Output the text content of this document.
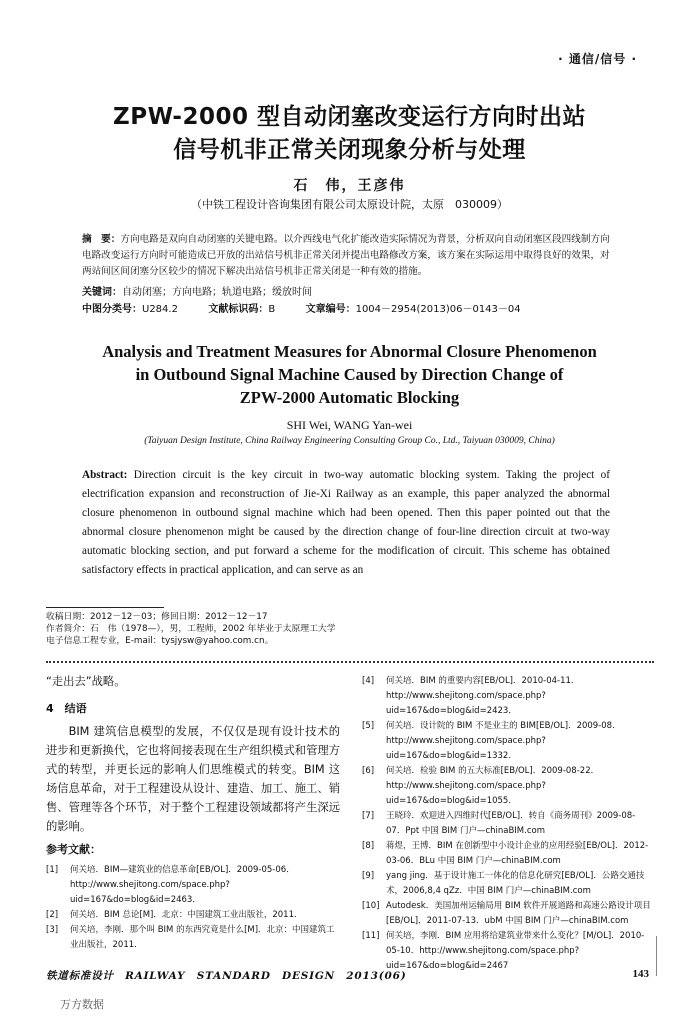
· 通信/信号 ·
ZPW-2000 型自动闭塞改变运行方向时出站
信号机非正常关闭现象分析与处理
石　伟，王彦伟
（中铁工程设计咨询集团有限公司太原设计院，太原　030009）
摘　要：方向电路是双向自动闭塞的关键电路。以介西线电气化扩能改造实际情况为背景，分析双向自动闭塞区段四线制方向电路改变运行方向时可能造成已开放的出站信号机非正常关闭并提出电路修改方案，该方案在实际运用中取得良好的效果，对两站间区间闭塞分区较少的情况下解决出站信号机非正常关闭是一种有效的措施。
关键词：自动闭塞；方向电路；轨道电路；缓放时间
中图分类号：U284.2	文献标识码：B	文章编号：1004－2954(2013)06－0143－04
Analysis and Treatment Measures for Abnormal Closure Phenomenon
in Outbound Signal Machine Caused by Direction Change of
ZPW-2000 Automatic Blocking
SHI Wei, WANG Yan-wei
(Taiyuan Design Institute, China Railway Engineering Consulting Group Co., Ltd., Taiyuan 030009, China)
Abstract: Direction circuit is the key circuit in two-way automatic blocking system. Taking the project of electrification expansion and reconstruction of Jie-Xi Railway as an example, this paper analyzed the abnormal closure phenomenon in outbound signal machine which had been opened. Then this paper pointed out that the abnormal closure phenomenon might be caused by the direction change of four-line direction circuit at two-way automatic blocking section, and put forward a scheme for the modification of circuit. This scheme has obtained satisfactory effects in practical application, and can serve as an
收稿日期：2012－12－03；修回日期：2012－12－17
作者简介：石　伟（1978—），男，工程师，2002 年毕业于太原理工大学电子信息工程专业，E-mail：tysjysw@yahoo.com.cn。

“走出去”战略。

4　结语

BIM 建筑信息模型的发展，不仅仅是现有设计技术的进步和更新换代，它也将间接表现在生产组织模式和管理方式的转型，并更长远的影响人们思维模式的转变。BIM 这场信息革命，对于工程建设从设计、建造、加工、施工、销售、管理等各个环节，对于整个工程建设领域都将产生深远的影响。

参考文献：
[1]	何关培．BIM—建筑业的信息革命[EB/OL]．2009-05-06．http://www.shejitong.com/space.php?uid=167&do=blog&id=2463．
[2]	何关培．BIM 总论[M]．北京：中国建筑工业出版社，2011．
[3]	何关培，李刚．那个叫 BIM 的东西究竟是什么[M]．北京：中国建筑工业出版社，2011．
[4]	何关培．BIM 的重要内容[EB/OL]．2010-04-11．http://www.shejitong.com/space.php?uid=167&do=blog&id=2423．
[5]	何关培．设计院的 BIM 不是业主的 BIM[EB/OL]．2009-08．http://www.shejitong.com/space.php?uid=167&do=blog&id=1332．
[6]	何关培．检验 BIM 的五大标准[EB/OL]．2009-08-22．http://www.shejitong.com/space.php?uid=167&do=blog&id=1055．
[7]	王晓玲．欢迎进入四维时代[EB/OL]．转自《商务周刊》2009-08-07．Ppt 中国 BIM 门户—chinaBIM.com
[8]	蒋煜，王博．BIM 在创新型中小设计企业的应用经验[EB/OL]．2012-03-06．BLu 中国 BIM 门户—chinaBIM.com
[9]	yang jing．基于设计施工一体化的信息化研究[EB/OL]．公路交通技术，2006,8,4 qZz．中国 BIM 门户—chinaBIM.com
[10] Autodesk．美国加州运输局用 BIM 软件开展道路和高速公路设计项目[EB/OL]．2011-07-13．ubM 中国 BIM 门户—chinaBIM.com
[11] 何关培，李刚．BIM 应用将给建筑业带来什么变化？[M/OL]．2010-05-10．http://www.shejitong.com/space.php?uid=167&do=blog&id=2467
铁道标准设计　RAILWAY　STANDARD　DESIGN　2013(06)	143
万方数据
